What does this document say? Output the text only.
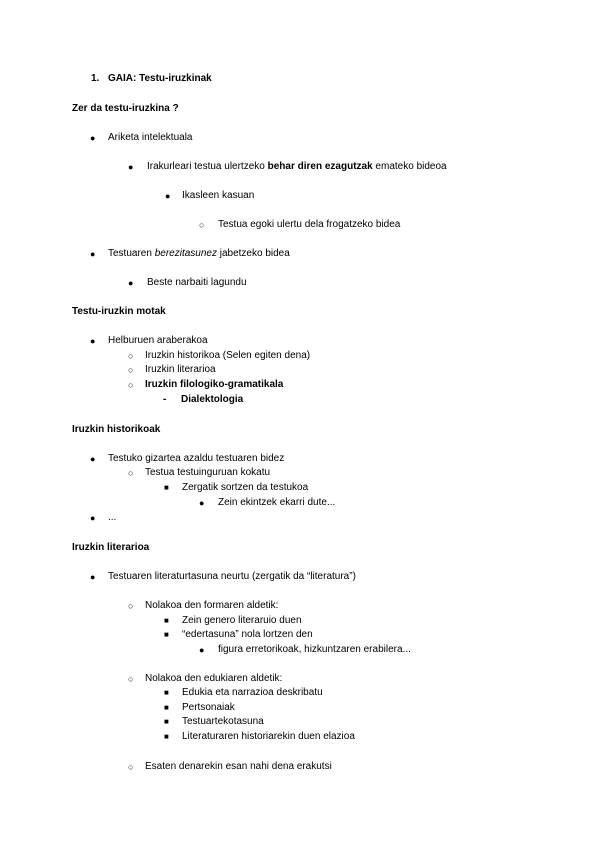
1. GAIA: Testu-iruzkinak
Zer da testu-iruzkina ?
● Ariketa intelektuala
● Irakurleari testua ulertzeko behar diren ezagutzak emateko bideoa
● Ikasleen kasuan
○ Testua egoki ulertu dela frogatzeko bidea
● Testuaren berezitasunez jabetzeko bidea
● Beste narbaiti lagundu
Testu-iruzkin motak
● Helburuen araberakoa
○ Iruzkin historikoa (Selen egiten dena)
○ Iruzkin literarioa
○ Iruzkin filologiko-gramatikala
- Dialektologia
Iruzkin historikoak
● Testuko gizartea azaldu testuaren bidez
○ Testua testuinguruan kokatu
■ Zergatik sortzen da testukoa
● Zein ekintzek ekarri dute...
● ...
Iruzkin literarioa
● Testuaren literaturtasuna neurtu (zergatik da “literatura”)
○ Nolakoa den formaren aldetik:
■ Zein genero literaruio duen
■ “edertasuna” nola lortzen den
● figura erretorikoak, hizkuntzaren erabilera...
○ Nolakoa den edukiaren aldetik:
■ Edukia eta narrazioa deskribatu
■ Pertsonaiak
■ Testuartekotasuna
■ Literaturaren historiarekin duen elazioa
○ Esaten denarekin esan nahi dena erakutsi
